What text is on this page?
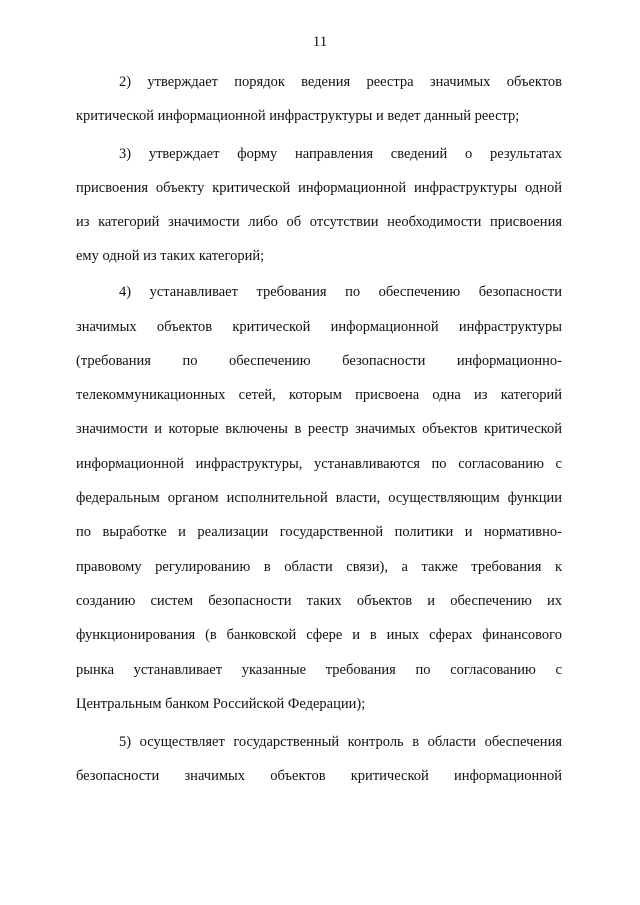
11
2) утверждает порядок ведения реестра значимых объектов
критической информационной инфраструктуры и ведет данный реестр;
3) утверждает форму направления сведений о результатах
присвоения объекту критической информационной инфраструктуры одной
из категорий значимости либо об отсутствии необходимости присвоения
ему одной из таких категорий;
4) устанавливает требования по обеспечению безопасности
значимых объектов критической информационной инфраструктуры
(требования по обеспечению безопасности информационно-
телекоммуникационных сетей, которым присвоена одна из категорий
значимости и которые включены в реестр значимых объектов критической
информационной инфраструктуры, устанавливаются по согласованию с
федеральным органом исполнительной власти, осуществляющим функции
по выработке и реализации государственной политики и нормативно-
правовому регулированию в области связи), а также требования к
созданию систем безопасности таких объектов и обеспечению их
функционирования (в банковской сфере и в иных сферах финансового
рынка устанавливает указанные требования по согласованию с
Центральным банком Российской Федерации);
5) осуществляет государственный контроль в области обеспечения
безопасности значимых объектов критической информационной
